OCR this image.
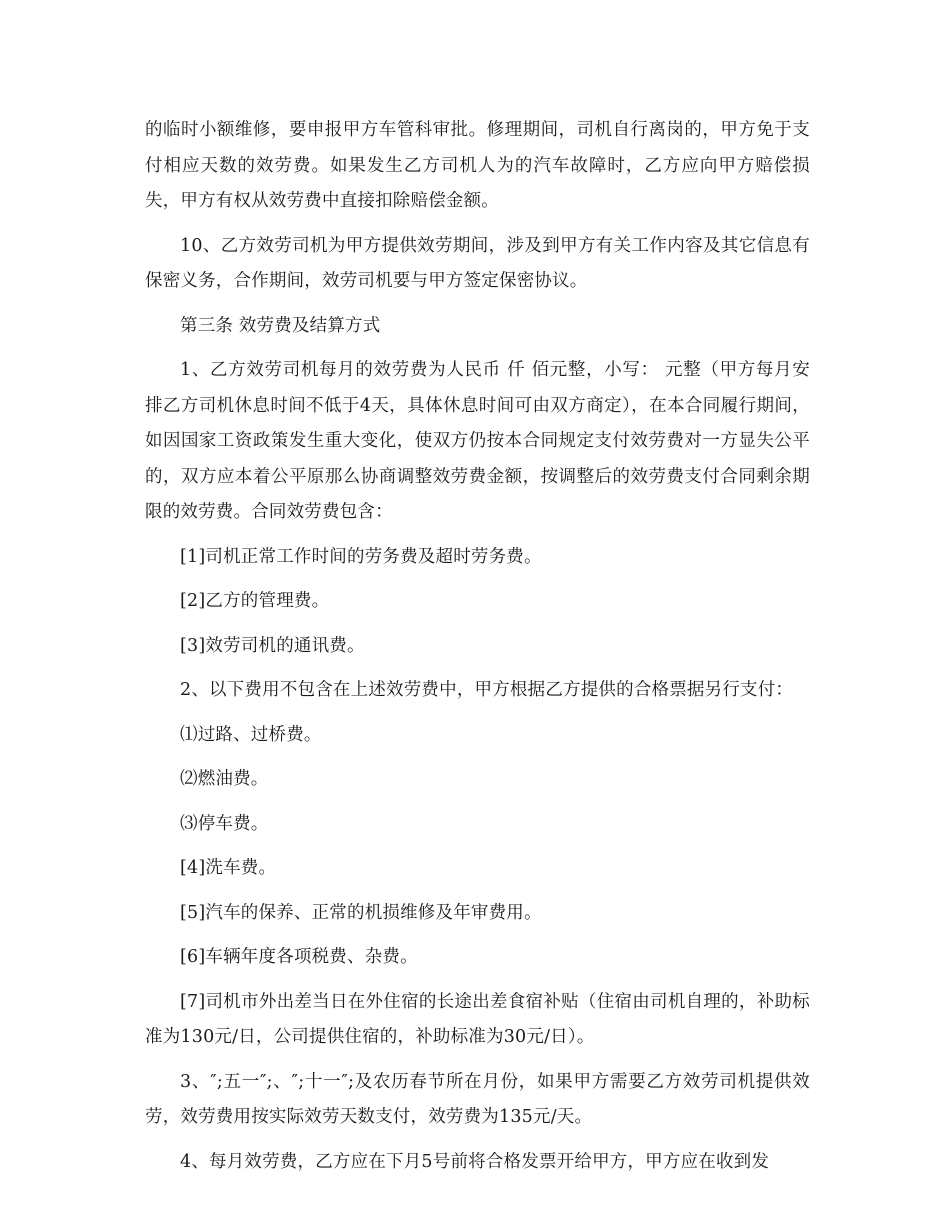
的临时小额维修，要申报甲方车管科审批。修理期间，司机自行离岗的，甲方免于支付相应天数的效劳费。如果发生乙方司机人为的汽车故障时，乙方应向甲方赔偿损失，甲方有权从效劳费中直接扣除赔偿金额。

10、乙方效劳司机为甲方提供效劳期间，涉及到甲方有关工作内容及其它信息有保密义务，合作期间，效劳司机要与甲方签定保密协议。

第三条 效劳费及结算方式

1、乙方效劳司机每月的效劳费为人民币 仟 佰元整，小写： 元整（甲方每月安排乙方司机休息时间不低于4天，具体休息时间可由双方商定），在本合同履行期间，如因国家工资政策发生重大变化，使双方仍按本合同规定支付效劳费对一方显失公平的，双方应本着公平原那么协商调整效劳费金额，按调整后的效劳费支付合同剩余期限的效劳费。合同效劳费包含：

[1]司机正常工作时间的劳务费及超时劳务费。

[2]乙方的管理费。

[3]效劳司机的通讯费。

2、以下费用不包含在上述效劳费中，甲方根据乙方提供的合格票据另行支付：

⑴过路、过桥费。

⑵燃油费。

⑶停车费。

[4]洗车费。

[5]汽车的保养、正常的机损维修及年审费用。

[6]车辆年度各项税费、杂费。

[7]司机市外出差当日在外住宿的长途出差食宿补贴（住宿由司机自理的，补助标准为130元/日，公司提供住宿的，补助标准为30元/日）。

3、″;五一″;、″;十一″;及农历春节所在月份，如果甲方需要乙方效劳司机提供效劳，效劳费用按实际效劳天数支付，效劳费为135元/天。

4、每月效劳费，乙方应在下月5号前将合格发票开给甲方，甲方应在收到发
